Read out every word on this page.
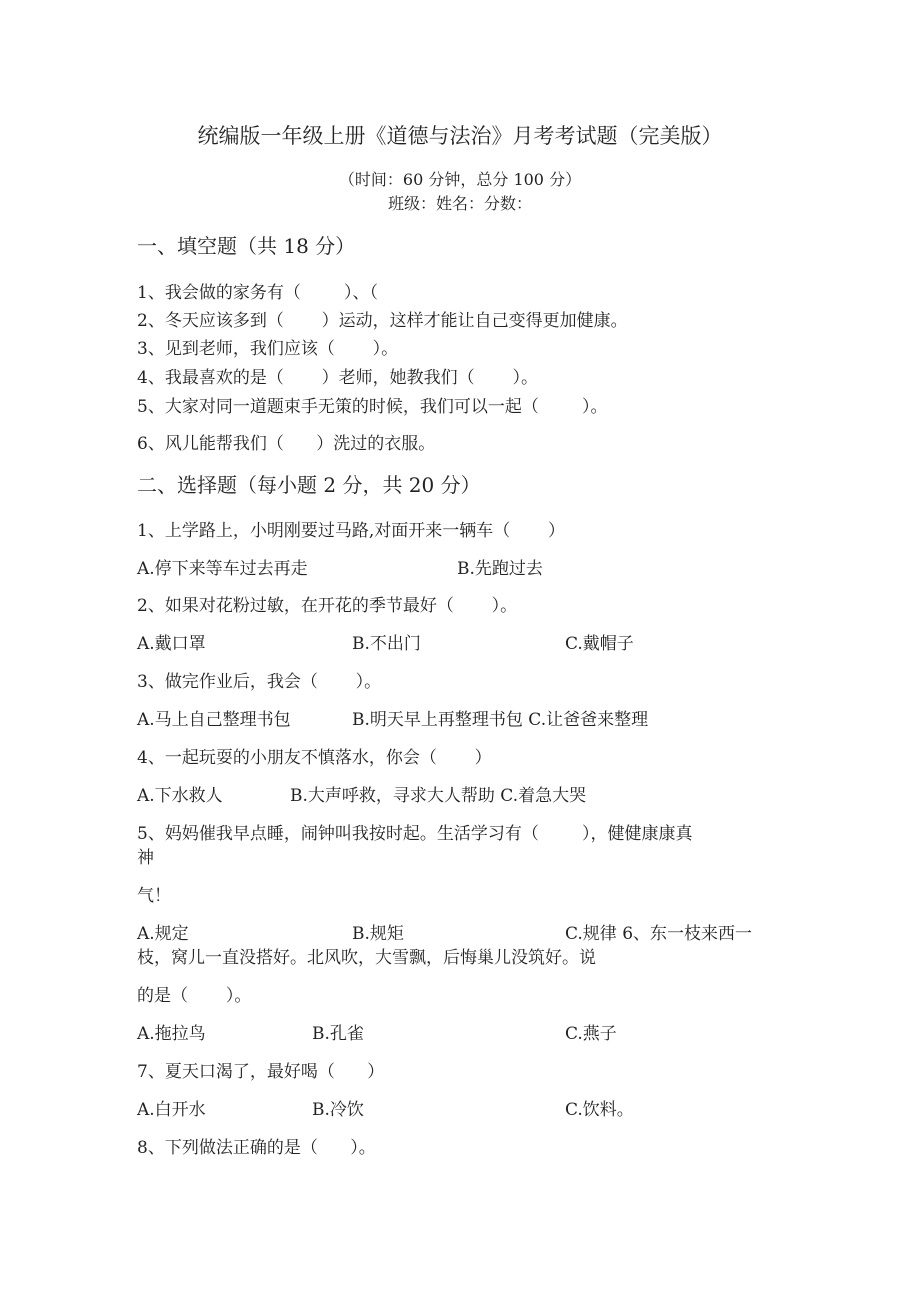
统编版一年级上册《道德与法治》月考考试题（完美版）
（时间：60 分钟，总分 100 分）
班级：姓名：分数：
一、填空题（共 18 分）
1、我会做的家务有（        ）、（
2、冬天应该多到（       ）运动，这样才能让自己变得更加健康。
3、见到老师，我们应该（       ）。
4、我最喜欢的是（       ）老师，她教我们（       ）。
5、大家对同一道题束手无策的时候，我们可以一起（        ）。
6、风儿能帮我们（      ）洗过的衣服。
二、选择题（每小题 2 分，共 20 分）
1、上学路上，小明刚要过马路,对面开来一辆车（       ）
A.停下来等车过去再走	B.先跑过去
2、如果对花粉过敏，在开花的季节最好（       ）。
A.戴口罩	B.不出门	C.戴帽子
3、做完作业后，我会（       ）。
A.马上自己整理书包	B.明天早上再整理书包 C.让爸爸来整理
4、一起玩耍的小朋友不慎落水，你会（       ）
A.下水救人	B.大声呼救，寻求大人帮助 C.着急大哭
5、妈妈催我早点睡，闹钟叫我按时起。生活学习有（        ），健健康康真
神
气！
A.规定	B.规矩	C.规律 6、东一枝来西一
枝，窝儿一直没搭好。北风吹，大雪飘，后悔巢儿没筑好。说
的是（       ）。
A.拖拉鸟	B.孔雀	C.燕子
7、夏天口渴了，最好喝（      ）
A.白开水	B.冷饮	C.饮料。
8、下列做法正确的是（      ）。
